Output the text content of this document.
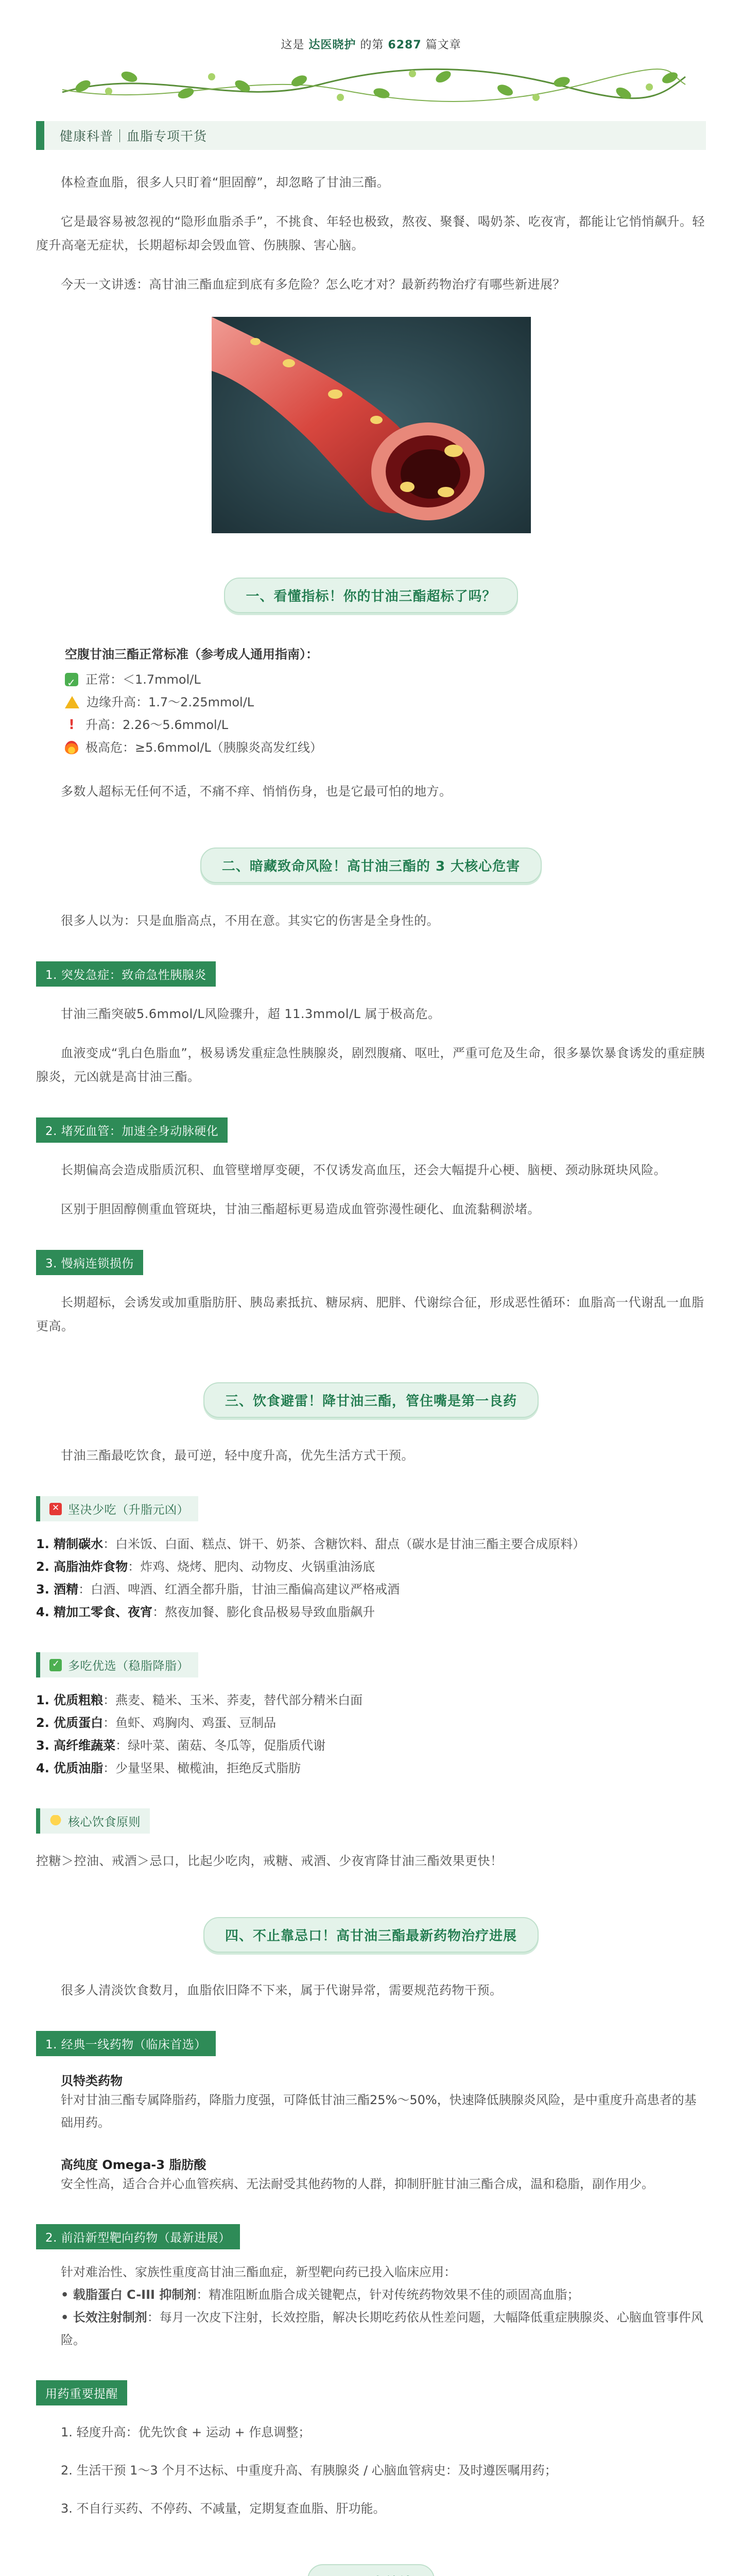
这是 达医晓护 的第 6287 篇文章
健康科普｜血脂专项干货

体检查血脂，很多人只盯着“胆固醇”，却忽略了甘油三酯。

它是最容易被忽视的“隐形血脂杀手”，不挑食、年轻也极致，熬夜、聚餐、喝奶茶、吃夜宵，都能让它悄悄飙升。轻度升高毫无症状，长期超标却会毁血管、伤胰腺、害心脑。

今天一文讲透：高甘油三酯血症到底有多危险？怎么吃才对？最新药物治疗有哪些新进展？

一、看懂指标！你的甘油三酯超标了吗？
空腹甘油三酯正常标准（参考成人通用指南）：
✓
正常：＜1.7mmol/L
边缘升高：1.7～2.25mmol/L
! 升高：2.26～5.6mmol/L
极高危：≥5.6mmol/L（胰腺炎高发红线）

多数人超标无任何不适，不痛不痒、悄悄伤身，也是它最可怕的地方。

二、暗藏致命风险！高甘油三酯的 3 大核心危害

很多人以为：只是血脂高点，不用在意。其实它的伤害是全身性的。

1. 突发急症：致命急性胰腺炎

甘油三酯突破5.6mmol/L风险骤升，超 11.3mmol/L 属于极高危。

血液变成“乳白色脂血”，极易诱发重症急性胰腺炎，剧烈腹痛、呕吐，严重可危及生命，很多暴饮暴食诱发的重症胰腺炎，元凶就是高甘油三酯。

2. 堵死血管：加速全身动脉硬化

长期偏高会造成脂质沉积、血管壁增厚变硬，不仅诱发高血压，还会大幅提升心梗、脑梗、颈动脉斑块风险。

区别于胆固醇侧重血管斑块，甘油三酯超标更易造成血管弥漫性硬化、血流黏稠淤堵。

3. 慢病连锁损伤

长期超标，会诱发或加重脂肪肝、胰岛素抵抗、糖尿病、肥胖、代谢综合征，形成恶性循环：血脂高一代谢乱一血脂更高。

三、饮食避雷！降甘油三酯，管住嘴是第一良药

甘油三酯最吃饮食，最可逆，轻中度升高，优先生活方式干预。

✕
坚决少吃（升脂元凶）
1. 精制碳水：白米饭、白面、糕点、饼干、奶茶、含糖饮料、甜点（碳水是甘油三酯主要合成原料）
2. 高脂油炸食物：炸鸡、烧烤、肥肉、动物皮、火锅重油汤底
3. 酒精：白酒、啤酒、红酒全都升脂，甘油三酯偏高建议严格戒酒
4. 精加工零食、夜宵：熬夜加餐、膨化食品极易导致血脂飙升
✓
多吃优选（稳脂降脂）
1. 优质粗粮：燕麦、糙米、玉米、荞麦，替代部分精米白面
2. 优质蛋白：鱼虾、鸡胸肉、鸡蛋、豆制品
3. 高纤维蔬菜：绿叶菜、菌菇、冬瓜等，促脂质代谢
4. 优质油脂：少量坚果、橄榄油，拒绝反式脂肪
核心饮食原则

控糖＞控油、戒酒＞忌口，比起少吃肉，戒糖、戒酒、少夜宵降甘油三酯效果更快！

四、不止靠忌口！高甘油三酯最新药物治疗进展

很多人清淡饮食数月，血脂依旧降不下来，属于代谢异常，需要规范药物干预。

1. 经典一线药物（临床首选）
贝特类药物
针对甘油三酯专属降脂药，降脂力度强，可降低甘油三酯25%～50%，快速降低胰腺炎风险，是中重度升高患者的基础用药。
高纯度 Omega-3 脂肪酸
安全性高，适合合并心血管疾病、无法耐受其他药物的人群，抑制肝脏甘油三酯合成，温和稳脂，副作用少。
2. 前沿新型靶向药物（最新进展）
针对难治性、家族性重度高甘油三酯血症，新型靶向药已投入临床应用：
• 载脂蛋白 C-III 抑制剂：精准阻断血脂合成关键靶点，针对传统药物效果不佳的顽固高血脂；
• 长效注射制剂：每月一次皮下注射，长效控脂，解决长期吃药依从性差问题，大幅降低重症胰腺炎、心脑血管事件风险。
用药重要提醒
1. 轻度升高：优先饮食 + 运动 + 作息调整；
2. 生活干预 1～3 个月不达标、中重度升高、有胰腺炎 / 心脑血管病史：及时遵医嘱用药；
3. 不自行买药、不停药、不减量，定期复查血脂、肝功能。
